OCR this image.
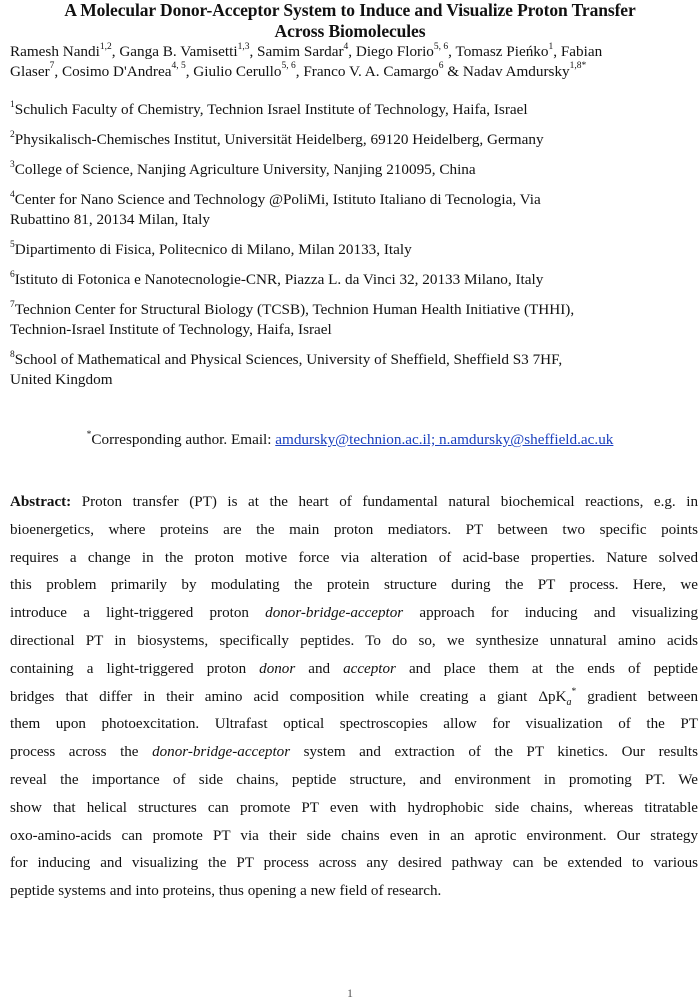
A Molecular Donor-Acceptor System to Induce and Visualize Proton Transfer
Across Biomolecules
Ramesh Nandi$^{1,2}$, Ganga B. Vamisetti$^{1,3}$, Samim Sardar$^4$, Diego Florio$^{5, 6}$, Tomasz Pieńko$^1$, Fabian
Glaser$^7$, Cosimo D'Andrea$^{4, 5}$, Giulio Cerullo$^{5, 6}$, Franco V. A. Camargo$^6$ & Nadav Amdursky$^{1,8*}$
$^1$Schulich Faculty of Chemistry, Technion Israel Institute of Technology, Haifa, Israel
$^2$Physikalisch-Chemisches Institut, Universität Heidelberg, 69120 Heidelberg, Germany
$^3$College of Science, Nanjing Agriculture University, Nanjing 210095, China
$^4$Center for Nano Science and Technology @PoliMi, Istituto Italiano di Tecnologia, Via
Rubattino 81, 20134 Milan, Italy
$^5$Dipartimento di Fisica, Politecnico di Milano, Milan 20133, Italy
$^6$Istituto di Fotonica e Nanotecnologie-CNR, Piazza L. da Vinci 32, 20133 Milano, Italy
$^7$Technion Center for Structural Biology (TCSB), Technion Human Health Initiative (THHI),
Technion-Israel Institute of Technology, Haifa, Israel
$^8$School of Mathematical and Physical Sciences, University of Sheffield, Sheffield S3 7HF,
United Kingdom
*Corresponding author. Email: amdursky@technion.ac.il; n.amdursky@sheffield.ac.uk
Abstract: Proton transfer (PT) is at the heart of fundamental natural biochemical reactions, e.g. in
bioenergetics, where proteins are the main proton mediators. PT between two specific points
requires a change in the proton motive force via alteration of acid-base properties. Nature solved
this problem primarily by modulating the protein structure during the PT process. Here, we
introduce a light-triggered proton donor-bridge-acceptor approach for inducing and visualizing
directional PT in biosystems, specifically peptides. To do so, we synthesize unnatural amino acids
containing a light-triggered proton donor and acceptor and place them at the ends of peptide
bridges that differ in their amino acid composition while creating a giant ΔpK$_a$* gradient between
them upon photoexcitation. Ultrafast optical spectroscopies allow for visualization of the PT
process across the donor-bridge-acceptor system and extraction of the PT kinetics. Our results
reveal the importance of side chains, peptide structure, and environment in promoting PT. We
show that helical structures can promote PT even with hydrophobic side chains, whereas titratable
oxo-amino-acids can promote PT via their side chains even in an aprotic environment. Our strategy
for inducing and visualizing the PT process across any desired pathway can be extended to various
peptide systems and into proteins, thus opening a new field of research.
1
